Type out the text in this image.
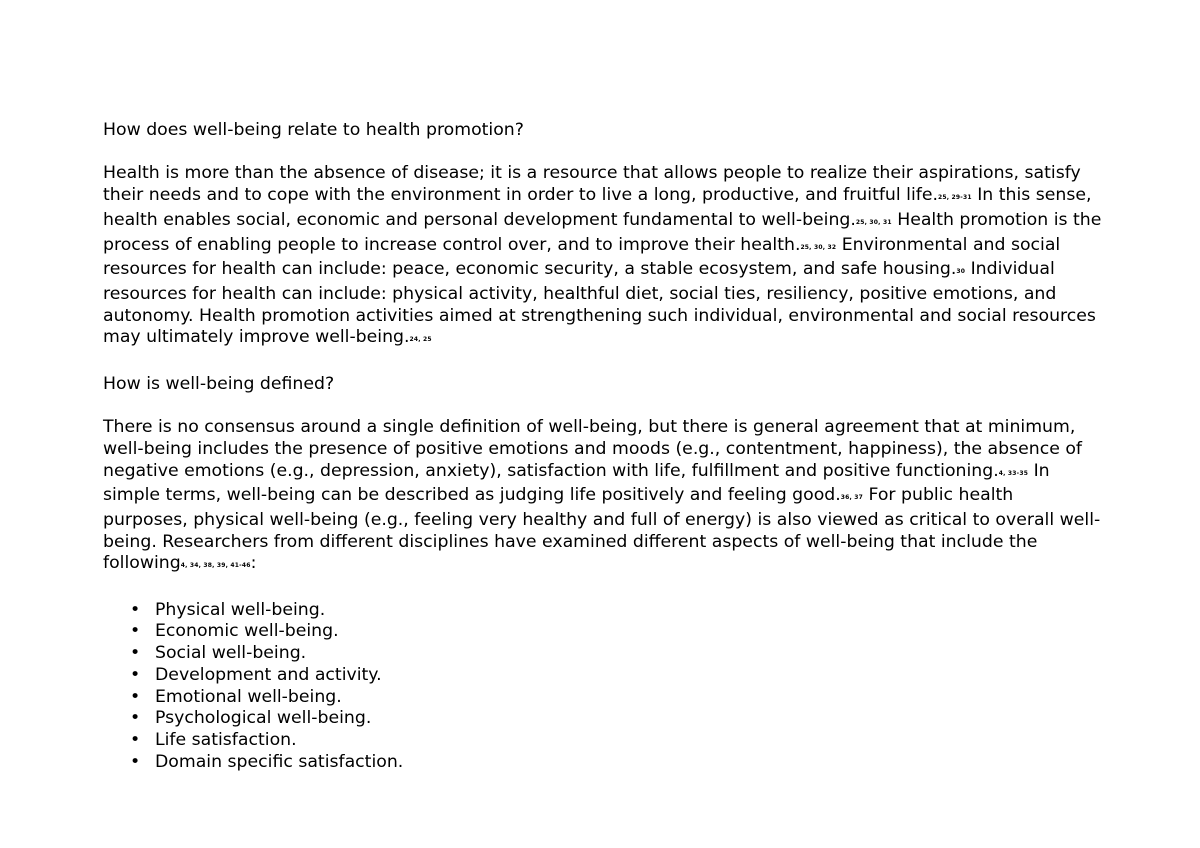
How does well-being relate to health promotion?

Health is more than the absence of disease; it is a resource that allows people to realize their aspirations, satisfy their needs and to cope with the environment in order to live a long, productive, and fruitful life.25, 29-31 In this sense, health enables social, economic and personal development fundamental to well-being.25, 30, 31 Health promotion is the process of enabling people to increase control over, and to improve their health.25, 30, 32 Environmental and social resources for health can include: peace, economic security, a stable ecosystem, and safe housing.30 Individual resources for health can include: physical activity, healthful diet, social ties, resiliency, positive emotions, and autonomy. Health promotion activities aimed at strengthening such individual, environmental and social resources may ultimately improve well-being.24, 25

How is well-being defined?

There is no consensus around a single definition of well-being, but there is general agreement that at minimum, well-being includes the presence of positive emotions and moods (e.g., contentment, happiness), the absence of negative emotions (e.g., depression, anxiety), satisfaction with life, fulfillment and positive functioning.4, 33-35 In simple terms, well-being can be described as judging life positively and feeling good.36, 37 For public health purposes, physical well-being (e.g., feeling very healthy and full of energy) is also viewed as critical to overall well-being. Researchers from different disciplines have examined different aspects of well-being that include the following4, 34, 38, 39, 41-46:

• Physical well-being.
• Economic well-being.
• Social well-being.
• Development and activity.
• Emotional well-being.
• Psychological well-being.
• Life satisfaction.
• Domain specific satisfaction.
